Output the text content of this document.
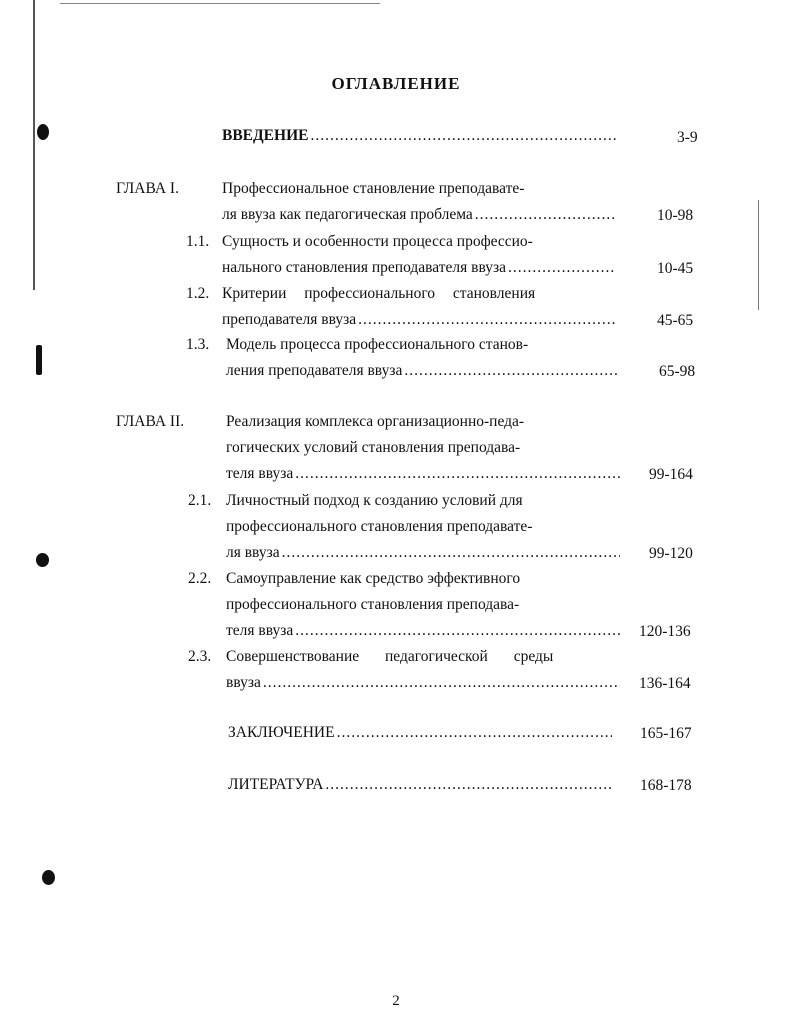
ОГЛАВЛЕНИЕ
ВВЕДЕНИЕ .....	3-9
ГЛАВА I.	Профессиональное становление преподавате-
ля ввуза как педагогическая проблема .....	10-98
1.1. Сущность и особенности процесса профессио-
нального становления преподавателя ввуза .....	10-45
1.2. Критерии профессионального становления
преподавателя ввуза .....	45-65
1.3. Модель процесса профессионального станов-
ления преподавателя ввуза .....	65-98
ГЛАВА II.	Реализация комплекса организационно-педа-
гогических условий становления преподава-
теля ввуза .....	99-164
2.1. Личностный подход к созданию условий для
профессионального становления преподавате-
ля ввуза .....	99-120
2.2. Самоуправление как средство эффективного
профессионального становления преподава-
теля ввуза .....	120-136
2.3. Совершенствование педагогической среды
ввуза .....	136-164
ЗАКЛЮЧЕНИЕ .....	165-167
ЛИТЕРАТУРА .....	168-178
2
